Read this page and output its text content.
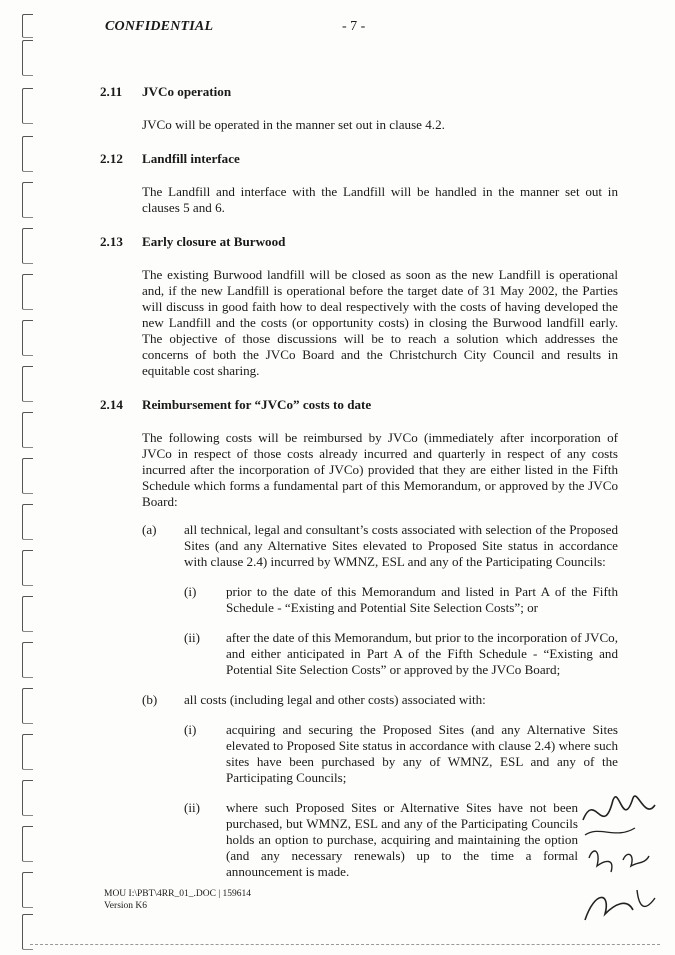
CONFIDENTIAL	- 7 -
2.11	JVCo operation
JVCo will be operated in the manner set out in clause 4.2.
2.12	Landfill interface
The Landfill and interface with the Landfill will be handled in the manner set out in clauses 5 and 6.
2.13	Early closure at Burwood
The existing Burwood landfill will be closed as soon as the new Landfill is operational and, if the new Landfill is operational before the target date of 31 May 2002, the Parties will discuss in good faith how to deal respectively with the costs of having developed the new Landfill and the costs (or opportunity costs) in closing the Burwood landfill early. The objective of those discussions will be to reach a solution which addresses the concerns of both the JVCo Board and the Christchurch City Council and results in equitable cost sharing.
2.14	Reimbursement for “JVCo” costs to date
The following costs will be reimbursed by JVCo (immediately after incorporation of JVCo in respect of those costs already incurred and quarterly in respect of any costs incurred after the incorporation of JVCo) provided that they are either listed in the Fifth Schedule which forms a fundamental part of this Memorandum, or approved by the JVCo Board:
(a)	all technical, legal and consultant’s costs associated with selection of the Proposed Sites (and any Alternative Sites elevated to Proposed Site status in accordance with clause 2.4) incurred by WMNZ, ESL and any of the Participating Councils:
(i)	prior to the date of this Memorandum and listed in Part A of the Fifth Schedule - “Existing and Potential Site Selection Costs”; or
(ii)	after the date of this Memorandum, but prior to the incorporation of JVCo, and either anticipated in Part A of the Fifth Schedule - “Existing and Potential Site Selection Costs” or approved by the JVCo Board;
(b)	all costs (including legal and other costs) associated with:
(i)	acquiring and securing the Proposed Sites (and any Alternative Sites elevated to Proposed Site status in accordance with clause 2.4) where such sites have been purchased by any of WMNZ, ESL and any of the Participating Councils;
(ii)	where such Proposed Sites or Alternative Sites have not been purchased, but WMNZ, ESL and any of the Participating Councils holds an option to purchase, acquiring and maintaining the option (and any necessary renewals) up to the time a formal announcement is made.
MOU I:\PBT\4RR_01_.DOC | 159614
Version K6
